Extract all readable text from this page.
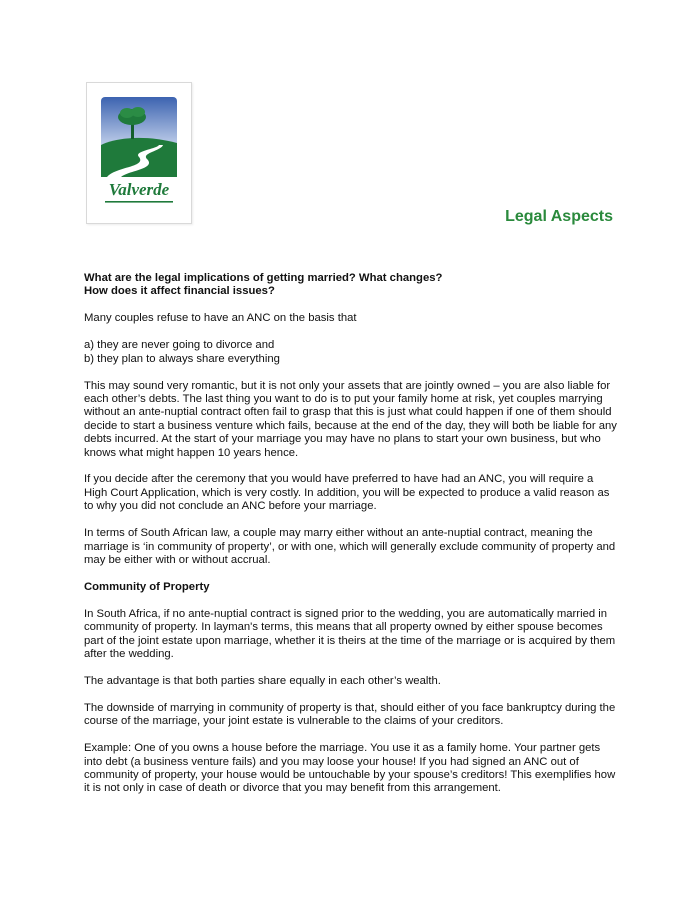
Valverde
Legal Aspects

What are the legal implications of getting married? What changes?

How does it affect financial issues?

Many couples refuse to have an ANC on the basis that

a) they are never going to divorce and

b) they plan to always share everything

This may sound very romantic, but it is not only your assets that are jointly owned – you are also liable for each other’s debts. The last thing you want to do is to put your family home at risk, yet couples marrying without an ante-nuptial contract often fail to grasp that this is just what could happen if one of them should decide to start a business venture which fails, because at the end of the day, they will both be liable for any debts incurred. At the start of your marriage you may have no plans to start your own business, but who knows what might happen 10 years hence.

If you decide after the ceremony that you would have preferred to have had an ANC, you will require a High Court Application, which is very costly. In addition, you will be expected to produce a valid reason as to why you did not conclude an ANC before your marriage.

In terms of South African law, a couple may marry either without an ante-nuptial contract, meaning the marriage is ‘in community of property’, or with one, which will generally exclude community of property and may be either with or without accrual.

Community of Property

In South Africa, if no ante-nuptial contract is signed prior to the wedding, you are automatically married in community of property. In layman's terms, this means that all property owned by either spouse becomes part of the joint estate upon marriage, whether it is theirs at the time of the marriage or is acquired by them after the wedding.

The advantage is that both parties share equally in each other’s wealth.

The downside of marrying in community of property is that, should either of you face bankruptcy during the course of the marriage, your joint estate is vulnerable to the claims of your creditors.

Example: One of you owns a house before the marriage. You use it as a family home. Your partner gets into debt (a business venture fails) and you may loose your house! If you had signed an ANC out of community of property, your house would be untouchable by your spouse’s creditors! This exemplifies how it is not only in case of death or divorce that you may benefit from this arrangement.
